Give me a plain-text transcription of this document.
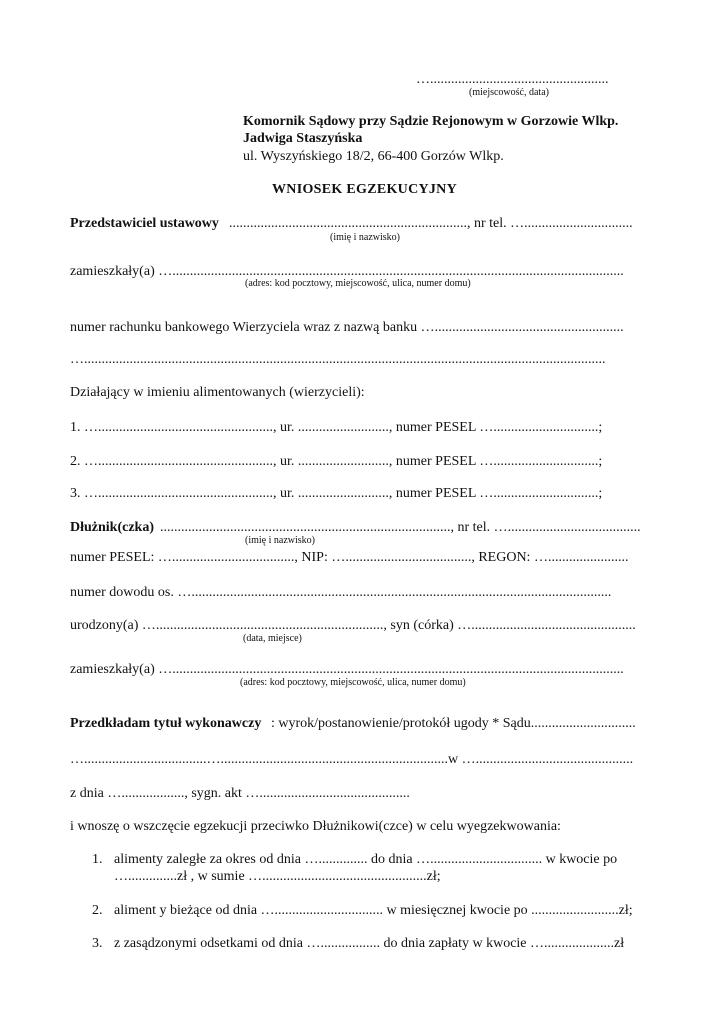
…...................................................
(miejscowość, data)
Komornik Sądowy przy Sądzie Rejonowym w Gorzowie Wlkp.
Jadwiga Staszyńska
ul. Wyszyńskiego 18/2, 66-400 Gorzów Wlkp.
WNIOSEK EGZEKUCYJNY
Przedstawiciel ustawowy ...................................................................., nr tel. …...............................
(imię i nazwisko)
zamieszkały(a) ….................................................................................................................................
(adres: kod pocztowy, miejscowość, ulica, numer domu)
numer rachunku bankowego Wierzyciela wraz z nazwą banku …......................................................
….....................................................................................................................................................
Działający w imieniu alimentowanych (wierzycieli):
1. ….................................................., ur. .........................., numer PESEL …..............................;
2. ….................................................., ur. .........................., numer PESEL …..............................;
3. ….................................................., ur. .........................., numer PESEL …..............................;
Dłużnik(czka) ..................................................................................., nr tel. …......................................
(imię i nazwisko)
numer PESEL: …..................................., NIP: …...................................., REGON: ….......................
numer dowodu os. …........................................................................................................................
urodzony(a) …................................................................., syn (córka) …...............................................
(data, miejsce)
zamieszkały(a) ….................................................................................................................................
(adres: kod pocztowy, miejscowość, ulica, numer domu)
Przedkładam tytuł wykonawczy : wyrok/postanowienie/protokół ugody * Sądu..............................
…...................................….................................................................w ….............................................
z dnia ….................., sygn. akt …...........................................
i wnoszę o wszczęcie egzekucji przeciwko Dłużnikowi(czce) w celu wyegzekwowania:
1. alimenty zaległe za okres od dnia ….............. do dnia …................................ w kwocie po
…..............zł , w sumie …...............................................zł;
2. aliment y bieżące od dnia …............................... w miesięcznej kwocie po .........................zł;
3. z zasądzonymi odsetkami od dnia …................. do dnia zapłaty w kwocie …....................zł
